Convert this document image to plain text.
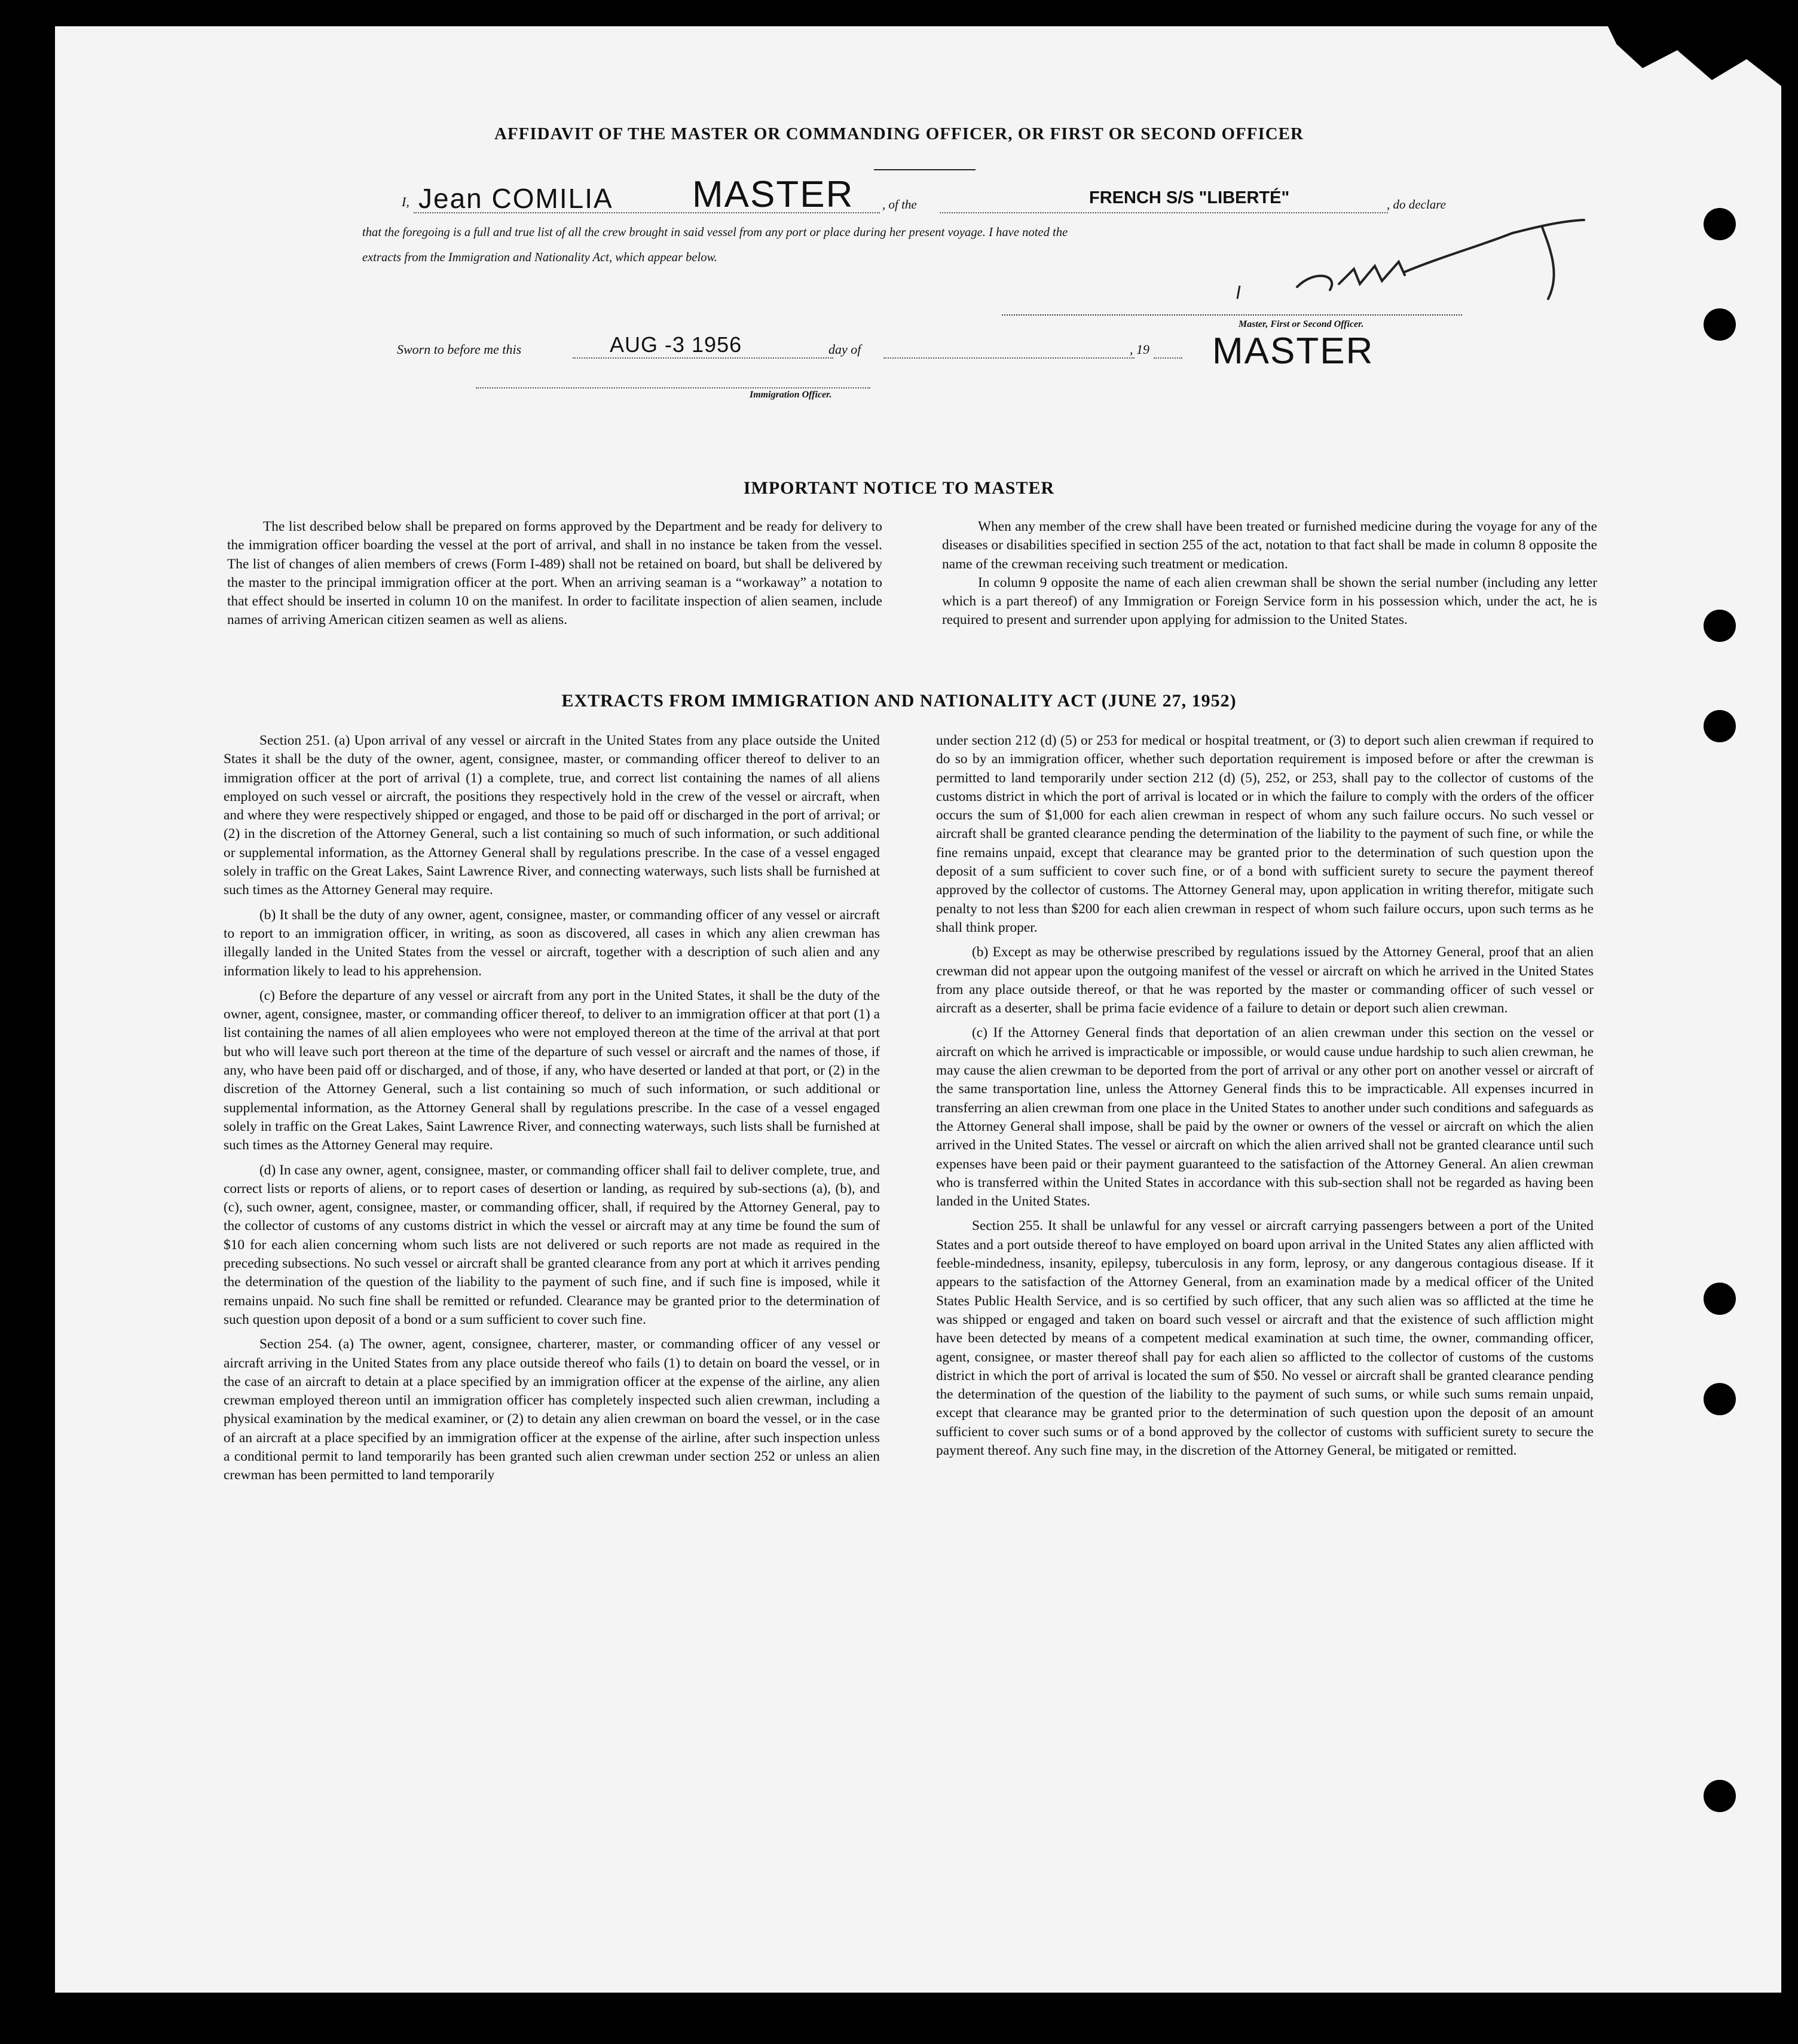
AFFIDAVIT OF THE MASTER OR COMMANDING OFFICER, OR FIRST OR SECOND OFFICER
I, Jean COMILIA MASTER , of the	FRENCH S/S "LIBERTÉ"	, do declare
that the foregoing is a full and true list of all the crew brought in said vessel from any port or place during her present voyage. I have noted the
extracts from the Immigration and Nationality Act, which appear below.
Master, First or Second Officer.
Sworn to before me this	AUG -3 1956	day of	, 19 MASTER
Immigration Officer.
IMPORTANT NOTICE TO MASTER

The list described below shall be prepared on forms approved by the Department and be ready for delivery to the immigration officer boarding the vessel at the port of arrival, and shall in no instance be taken from the vessel. The list of changes of alien members of crews (Form I-489) shall not be retained on board, but shall be delivered by the master to the principal immigration officer at the port. When an arriving seaman is a “workaway” a notation to that effect should be inserted in column 10 on the manifest. In order to facilitate inspection of alien seamen, include names of arriving American citizen seamen as well as aliens.

When any member of the crew shall have been treated or furnished medicine during the voyage for any of the diseases or disabilities specified in section 255 of the act, notation to that fact shall be made in column 8 opposite the name of the crewman receiving such treatment or medication.

In column 9 opposite the name of each alien crewman shall be shown the serial number (including any letter which is a part thereof) of any Immigration or Foreign Service form in his possession which, under the act, he is required to present and surrender upon applying for admission to the United States.

EXTRACTS FROM IMMIGRATION AND NATIONALITY ACT (JUNE 27, 1952)

Section 251. (a) Upon arrival of any vessel or aircraft in the United States from any place outside the United States it shall be the duty of the owner, agent, consignee, master, or commanding officer thereof to deliver to an immigration officer at the port of arrival (1) a complete, true, and correct list containing the names of all aliens employed on such vessel or aircraft, the positions they respectively hold in the crew of the vessel or aircraft, when and where they were respectively shipped or engaged, and those to be paid off or discharged in the port of arrival; or (2) in the discretion of the Attorney General, such a list containing so much of such information, or such additional or supplemental information, as the Attorney General shall by regulations prescribe. In the case of a vessel engaged solely in traffic on the Great Lakes, Saint Lawrence River, and connecting waterways, such lists shall be furnished at such times as the Attorney General may require.

(b) It shall be the duty of any owner, agent, consignee, master, or commanding officer of any vessel or aircraft to report to an immigration officer, in writing, as soon as discovered, all cases in which any alien crewman has illegally landed in the United States from the vessel or aircraft, together with a description of such alien and any information likely to lead to his apprehension.

(c) Before the departure of any vessel or aircraft from any port in the United States, it shall be the duty of the owner, agent, consignee, master, or commanding officer thereof, to deliver to an immigration officer at that port (1) a list containing the names of all alien employees who were not employed thereon at the time of the arrival at that port but who will leave such port thereon at the time of the departure of such vessel or aircraft and the names of those, if any, who have been paid off or discharged, and of those, if any, who have deserted or landed at that port, or (2) in the discretion of the Attorney General, such a list containing so much of such information, or such additional or supplemental information, as the Attorney General shall by regulations prescribe. In the case of a vessel engaged solely in traffic on the Great Lakes, Saint Lawrence River, and connecting waterways, such lists shall be furnished at such times as the Attorney General may require.

(d) In case any owner, agent, consignee, master, or commanding officer shall fail to deliver complete, true, and correct lists or reports of aliens, or to report cases of desertion or landing, as required by sub-sections (a), (b), and (c), such owner, agent, consignee, master, or commanding officer, shall, if required by the Attorney General, pay to the collector of customs of any customs district in which the vessel or aircraft may at any time be found the sum of $10 for each alien concerning whom such lists are not delivered or such reports are not made as required in the preceding subsections. No such vessel or aircraft shall be granted clearance from any port at which it arrives pending the determination of the question of the liability to the payment of such fine, and if such fine is imposed, while it remains unpaid. No such fine shall be remitted or refunded. Clearance may be granted prior to the determination of such question upon deposit of a bond or a sum sufficient to cover such fine.

Section 254. (a) The owner, agent, consignee, charterer, master, or commanding officer of any vessel or aircraft arriving in the United States from any place outside thereof who fails (1) to detain on board the vessel, or in the case of an aircraft to detain at a place specified by an immigration officer at the expense of the airline, any alien crewman employed thereon until an immigration officer has completely inspected such alien crewman, including a physical examination by the medical examiner, or (2) to detain any alien crewman on board the vessel, or in the case of an aircraft at a place specified by an immigration officer at the expense of the airline, after such inspection unless a conditional permit to land temporarily has been granted such alien crewman under section 252 or unless an alien crewman has been permitted to land temporarily

under section 212 (d) (5) or 253 for medical or hospital treatment, or (3) to deport such alien crewman if required to do so by an immigration officer, whether such deportation requirement is imposed before or after the crewman is permitted to land temporarily under section 212 (d) (5), 252, or 253, shall pay to the collector of customs of the customs district in which the port of arrival is located or in which the failure to comply with the orders of the officer occurs the sum of $1,000 for each alien crewman in respect of whom any such failure occurs. No such vessel or aircraft shall be granted clearance pending the determination of the liability to the payment of such fine, or while the fine remains unpaid, except that clearance may be granted prior to the determination of such question upon the deposit of a sum sufficient to cover such fine, or of a bond with sufficient surety to secure the payment thereof approved by the collector of customs. The Attorney General may, upon application in writing therefor, mitigate such penalty to not less than $200 for each alien crewman in respect of whom such failure occurs, upon such terms as he shall think proper.

(b) Except as may be otherwise prescribed by regulations issued by the Attorney General, proof that an alien crewman did not appear upon the outgoing manifest of the vessel or aircraft on which he arrived in the United States from any place outside thereof, or that he was reported by the master or commanding officer of such vessel or aircraft as a deserter, shall be prima facie evidence of a failure to detain or deport such alien crewman.

(c) If the Attorney General finds that deportation of an alien crewman under this section on the vessel or aircraft on which he arrived is impracticable or impossible, or would cause undue hardship to such alien crewman, he may cause the alien crewman to be deported from the port of arrival or any other port on another vessel or aircraft of the same transportation line, unless the Attorney General finds this to be impracticable. All expenses incurred in transferring an alien crewman from one place in the United States to another under such conditions and safeguards as the Attorney General shall impose, shall be paid by the owner or owners of the vessel or aircraft on which the alien arrived in the United States. The vessel or aircraft on which the alien arrived shall not be granted clearance until such expenses have been paid or their payment guaranteed to the satisfaction of the Attorney General. An alien crewman who is transferred within the United States in accordance with this sub-section shall not be regarded as having been landed in the United States.

Section 255. It shall be unlawful for any vessel or aircraft carrying passengers between a port of the United States and a port outside thereof to have employed on board upon arrival in the United States any alien afflicted with feeble-mindedness, insanity, epilepsy, tuberculosis in any form, leprosy, or any dangerous contagious disease. If it appears to the satisfaction of the Attorney General, from an examination made by a medical officer of the United States Public Health Service, and is so certified by such officer, that any such alien was so afflicted at the time he was shipped or engaged and taken on board such vessel or aircraft and that the existence of such affliction might have been detected by means of a competent medical examination at such time, the owner, commanding officer, agent, consignee, or master thereof shall pay for each alien so afflicted to the collector of customs of the customs district in which the port of arrival is located the sum of $50. No vessel or aircraft shall be granted clearance pending the determination of the question of the liability to the payment of such sums, or while such sums remain unpaid, except that clearance may be granted prior to the determination of such question upon the deposit of an amount sufficient to cover such sums or of a bond approved by the collector of customs with sufficient surety to secure the payment thereof. Any such fine may, in the discretion of the Attorney General, be mitigated or remitted.
